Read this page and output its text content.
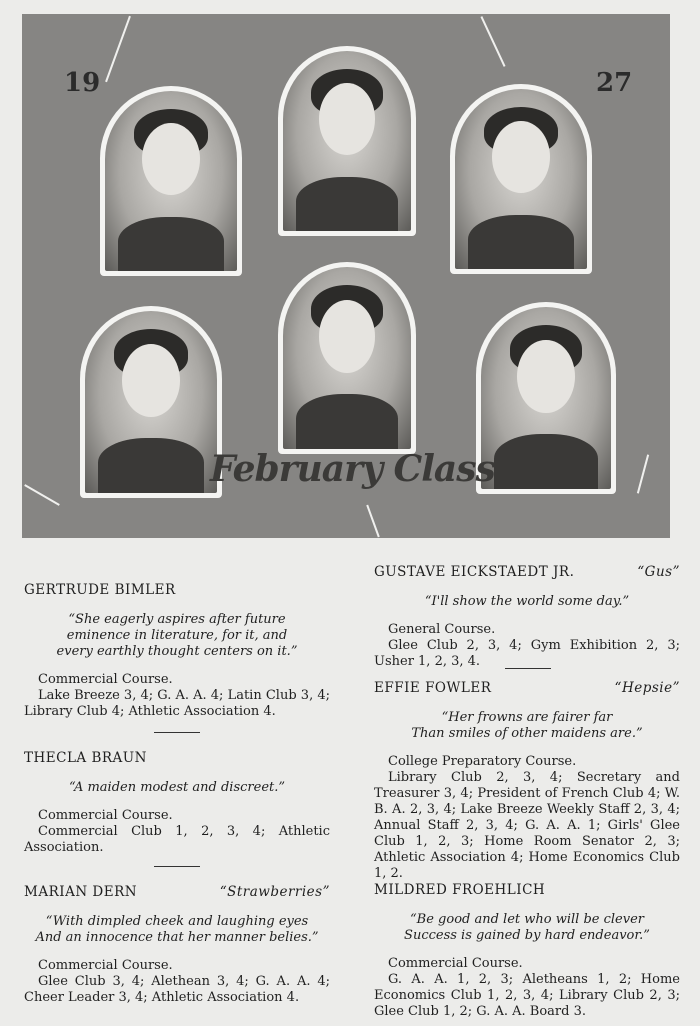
19	27
February Class
GERTRUDE BIMLER
“She eagerly aspires after future
eminence in literature, for it, and
every earthly thought centers on it.”
Commercial Course.
Lake Breeze 3, 4; G. A. A. 4; Latin Club 3, 4; Library Club 4; Athletic Association 4.
THECLA BRAUN
“A maiden modest and discreet.”
Commercial Course.
Commercial Club 1, 2, 3, 4; Athletic Association.
MARIAN DERN	“Strawberries”
“With dimpled cheek and laughing eyes
And an innocence that her manner belies.”
Commercial Course.
Glee Club 3, 4; Alethean 3, 4; G. A. A. 4; Cheer Leader 3, 4; Athletic Association 4.
GUSTAVE EICKSTAEDT JR.	“Gus”
“I'll show the world some day.”
General Course.
Glee Club 2, 3, 4; Gym Exhibition 2, 3; Usher 1, 2, 3, 4.
EFFIE FOWLER	“Hepsie”
“Her frowns are fairer far
Than smiles of other maidens are.”
College Preparatory Course.
Library Club 2, 3, 4; Secretary and Treasurer 3, 4; President of French Club 4; W. B. A. 2, 3, 4; Lake Breeze Weekly Staff 2, 3, 4; Annual Staff 2, 3, 4; G. A. A. 1; Girls' Glee Club 1, 2, 3; Home Room Senator 2, 3; Athletic Association 4; Home Economics Club 1, 2.
MILDRED FROEHLICH
“Be good and let who will be clever
Success is gained by hard endeavor.”
Commercial Course.
G. A. A. 1, 2, 3; Aletheans 1, 2; Home Economics Club 1, 2, 3, 4; Library Club 2, 3; Glee Club 1, 2; G. A. A. Board 3.
